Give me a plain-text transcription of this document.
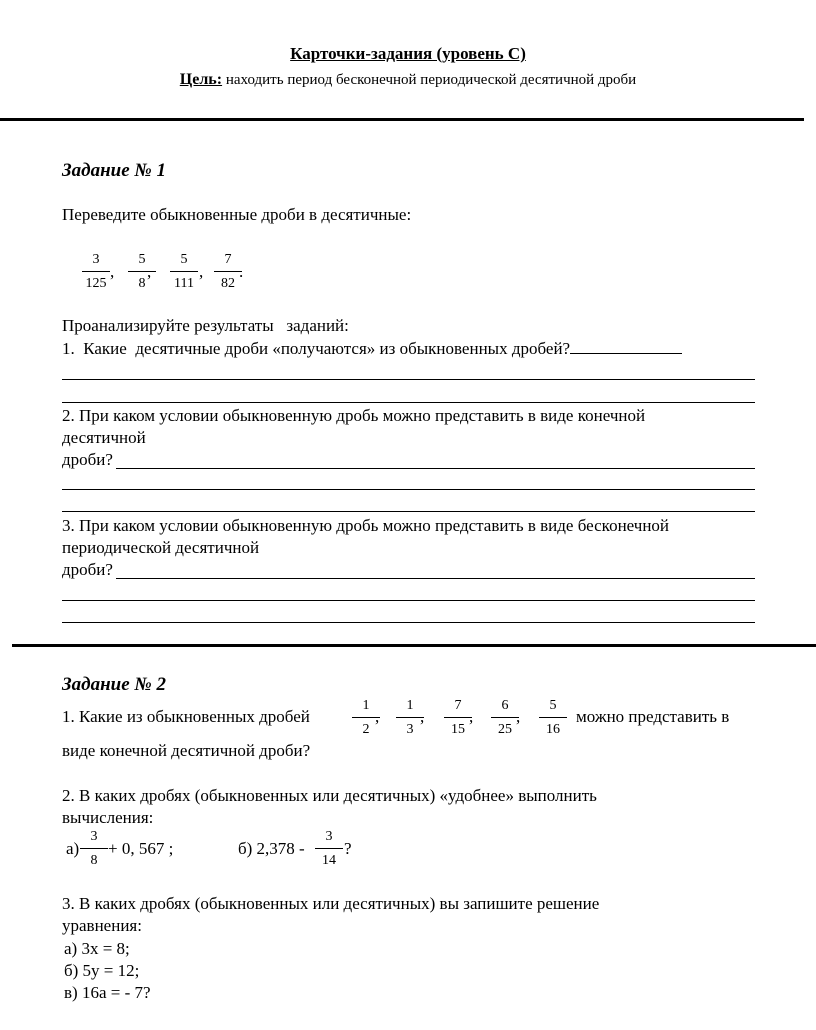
Карточки-задания (уровень С)
Цель: находить период бесконечной периодической десятичной дроби
Задание № 1
Переведите обыкновенные дроби в десятичные:
3
125
,
5
8
,
5
111
,
7
82
.
Проанализируйте результаты   заданий:
1.  Какие  десятичные дроби «получаются» из обыкновенных дробей?
2. При каком условии обыкновенную дробь можно представить в виде конечной
десятичной
дроби?
3. При каком условии обыкновенную дробь можно представить в виде бесконечной
периодической десятичной
дроби?
Задание № 2
1. Какие из обыкновенных дробей
1
2
,
1
3
,
7
15
,
6
25
,
5
16
можно представить в
виде конечной десятичной дроби?
2. В каких дробях (обыкновенных или десятичных) «удобнее» выполнить
вычисления:
а)
3
8
+ 0, 567 ;	б) 2,378 -
3
14
?
3. В каких дробях (обыкновенных или десятичных) вы запишите решение
уравнения:
а) 3х = 8;
б) 5у = 12;
в) 16а = - 7?
